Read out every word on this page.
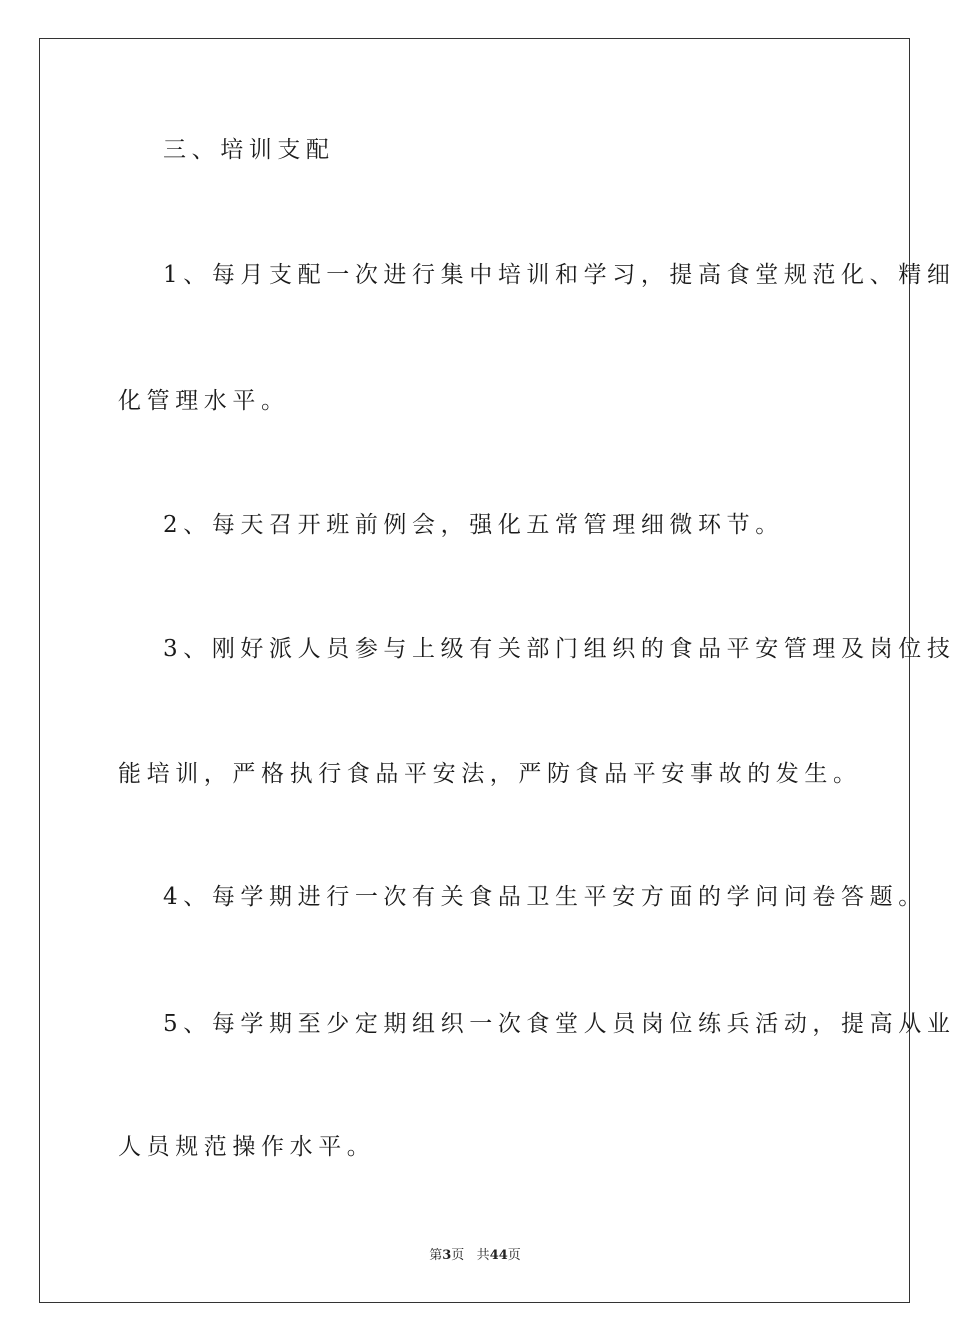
三、培训支配
1、每月支配一次进行集中培训和学习，提高食堂规范化、精细
化管理水平。
2、每天召开班前例会，强化五常管理细微环节。
3、刚好派人员参与上级有关部门组织的食品平安管理及岗位技
能培训，严格执行食品平安法，严防食品平安事故的发生。
4、每学期进行一次有关食品卫生平安方面的学问问卷答题。
5、每学期至少定期组织一次食堂人员岗位练兵活动，提高从业
人员规范操作水平。
第3页 共44页
